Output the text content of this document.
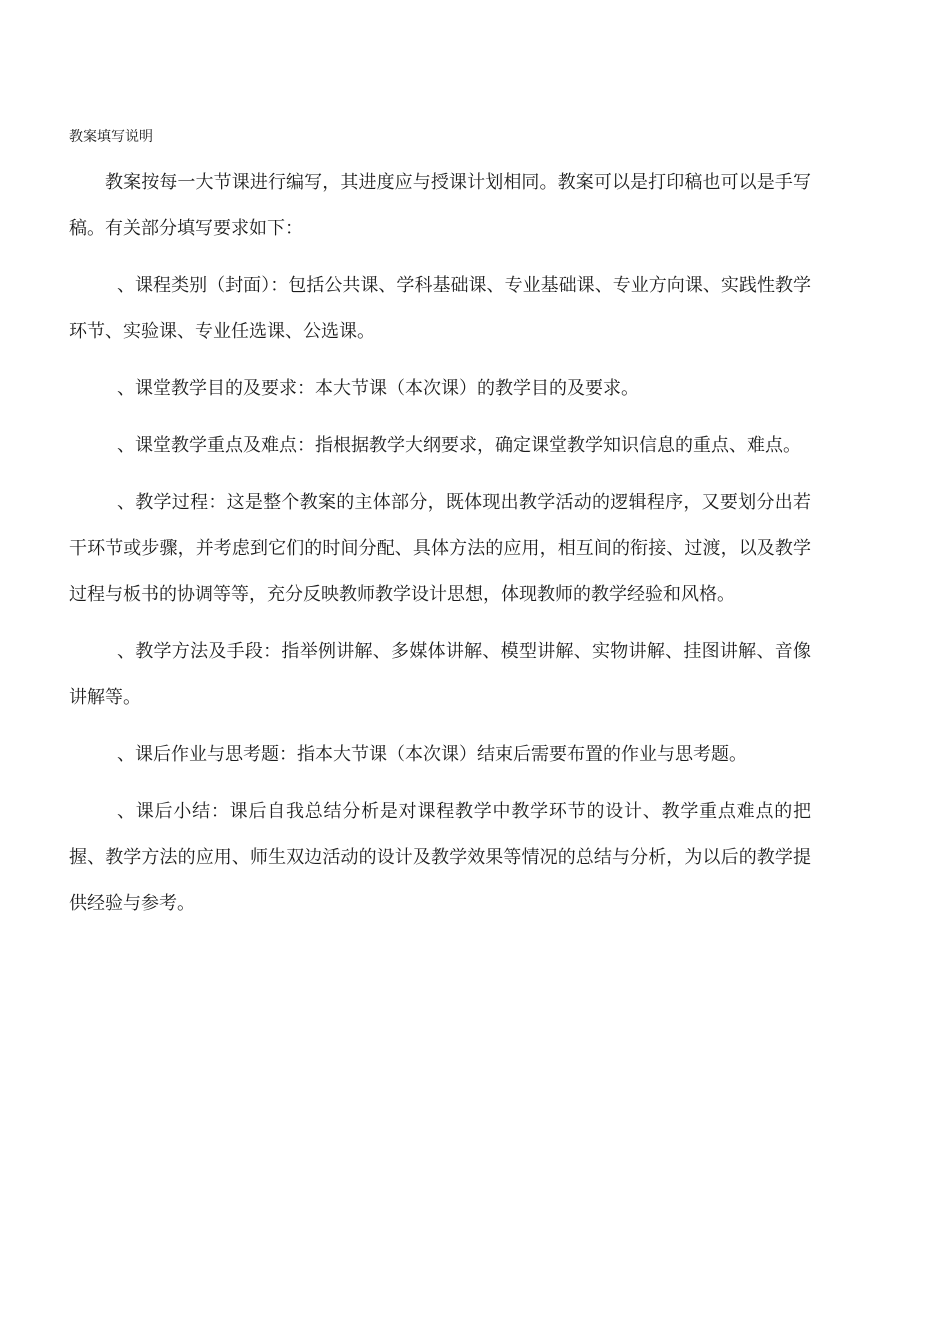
教案填写说明

教案按每一大节课进行编写，其进度应与授课计划相同。教案可以是打印稿也可以是手写稿。有关部分填写要求如下：

、课程类别（封面）：包括公共课、学科基础课、专业基础课、专业方向课、实践性教学环节、实验课、专业任选课、公选课。

、课堂教学目的及要求：本大节课（本次课）的教学目的及要求。

、课堂教学重点及难点：指根据教学大纲要求，确定课堂教学知识信息的重点、难点。

、教学过程：这是整个教案的主体部分，既体现出教学活动的逻辑程序，又要划分出若干环节或步骤，并考虑到它们的时间分配、具体方法的应用，相互间的衔接、过渡，以及教学过程与板书的协调等等，充分反映教师教学设计思想，体现教师的教学经验和风格。

、教学方法及手段：指举例讲解、多媒体讲解、模型讲解、实物讲解、挂图讲解、音像讲解等。

、课后作业与思考题：指本大节课（本次课）结束后需要布置的作业与思考题。

、课后小结：课后自我总结分析是对课程教学中教学环节的设计、教学重点难点的把握、教学方法的应用、师生双边活动的设计及教学效果等情况的总结与分析，为以后的教学提供经验与参考。
